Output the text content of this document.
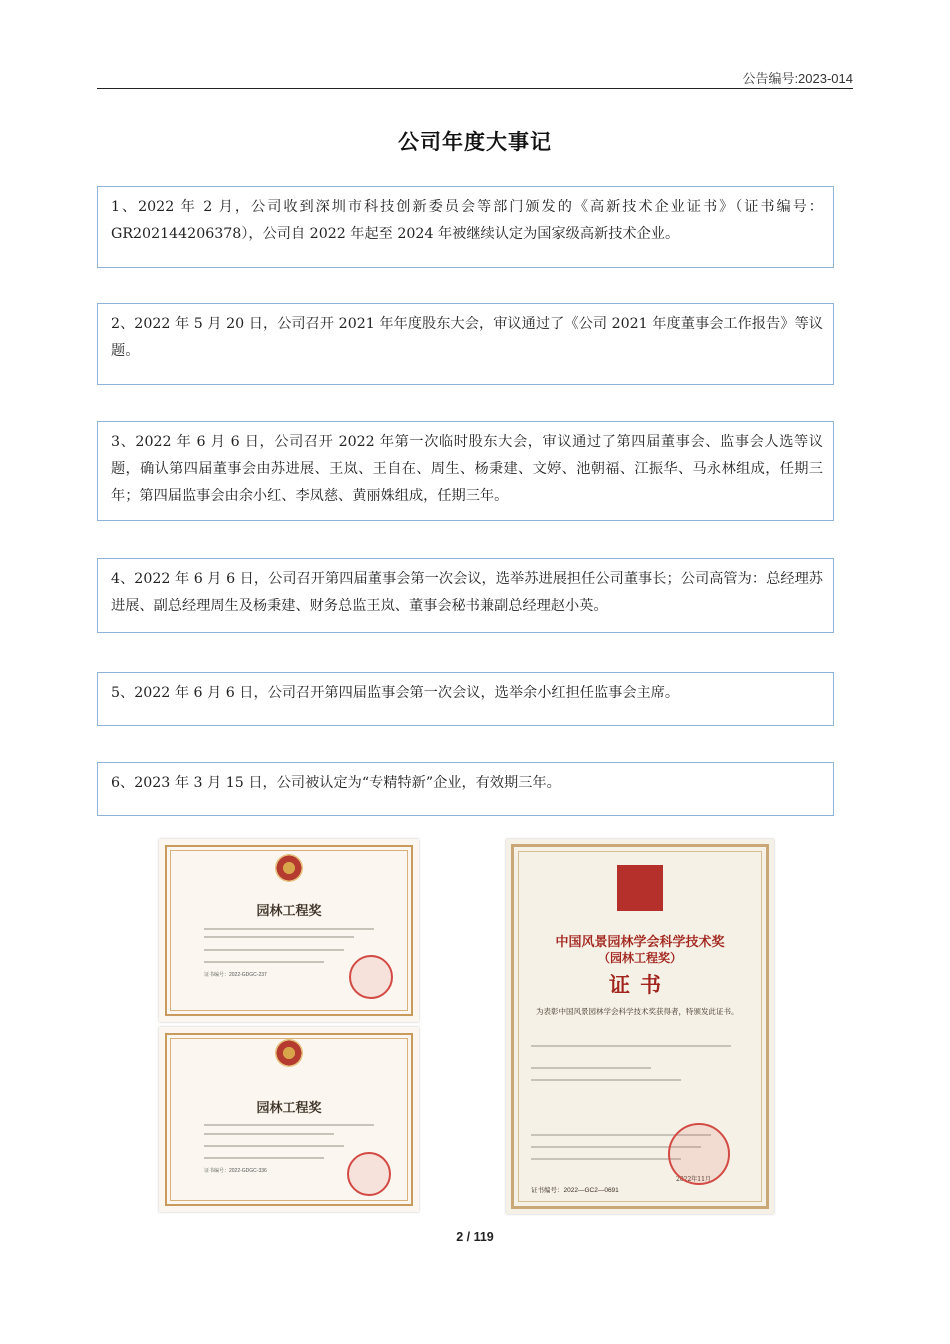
公告编号:2023-014
公司年度大事记

1、2022 年 2 月，公司收到深圳市科技创新委员会等部门颁发的《高新技术企业证书》（证书编号：GR202144206378），公司自 2022 年起至 2024 年被继续认定为国家级高新技术企业。

2、2022 年 5 月 20 日，公司召开 2021 年年度股东大会，审议通过了《公司 2021 年度董事会工作报告》等议题。

3、2022 年 6 月 6 日，公司召开 2022 年第一次临时股东大会，审议通过了第四届董事会、监事会人选等议题，确认第四届董事会由苏进展、王岚、王自在、周生、杨秉建、文婷、池朝福、江振华、马永林组成，任期三年；第四届监事会由余小红、李凤慈、黄丽姝组成，任期三年。

4、2022 年 6 月 6 日，公司召开第四届董事会第一次会议，选举苏进展担任公司董事长；公司高管为：总经理苏进展、副总经理周生及杨秉建、财务总监王岚、董事会秘书兼副总经理赵小英。

5、2022 年 6 月 6 日，公司召开第四届监事会第一次会议，选举余小红担任监事会主席。

6、2023 年 3 月 15 日，公司被认定为“专精特新”企业，有效期三年。

园林工程奖
证书编号：2022-GDGC-237
园林工程奖
证书编号：2022-GDGC-336
中国风景园林学会科学技术奖
（园林工程奖）
证书
为表彰中国风景园林学会科学技术奖获得者，特颁发此证书。
证书编号：2022—GC2—0691
2022年11月
2 / 119
